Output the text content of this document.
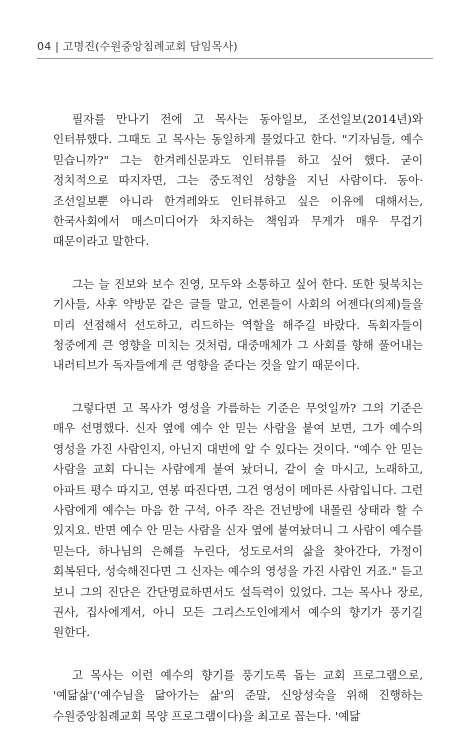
04 | 고명진(수원중앙침례교회 담임목사)

필자를 만나기 전에 고 목사는 동아일보, 조선일보(2014년)와 인터뷰했다. 그때도 고 목사는 동일하게 물었다고 한다. "기자님들, 예수 믿습니까?" 그는 한겨레신문과도 인터뷰를 하고 싶어 했다. 굳이 정치적으로 따지자면, 그는 중도적인 성향을 지닌 사람이다. 동아·조선일보뿐 아니라 한겨레와도 인터뷰하고 싶은 이유에 대해서는, 한국사회에서 매스미디어가 차지하는 책임과 무게가 매우 무겁기 때문이라고 말한다.

그는 늘 진보와 보수 진영, 모두와 소통하고 싶어 한다. 또한 뒷북치는 기사들, 사후 약방문 같은 글들 말고, 언론들이 사회의 어젠다(의제)들을 미리 선점해서 선도하고, 리드하는 역할을 해주길 바랐다. 독회자들이 청중에게 큰 영향을 미치는 것처럼, 대중매체가 그 사회를 향해 풀어내는 내러티브가 독자들에게 큰 영향을 준다는 것을 알기 때문이다.

그렇다면 고 목사가 영성을 가름하는 기준은 무엇일까? 그의 기준은 매우 선명했다. 신자 옆에 예수 안 믿는 사람을 붙여 보면, 그가 예수의 영성을 가진 사람인지, 아닌지 대번에 알 수 있다는 것이다. "예수 안 믿는 사람을 교회 다니는 사람에게 붙여 놨더니, 같이 술 마시고, 노래하고, 아파트 평수 따지고, 연봉 따진다면, 그건 영성이 메마른 사람입니다. 그런 사람에게 예수는 마음 한 구석, 아주 작은 건넌방에 내몰린 상태라 할 수 있지요. 반면 예수 안 믿는 사람을 신자 옆에 붙여놨더니 그 사람이 예수를 믿는다, 하나님의 은혜를 누린다, 성도로서의 삶을 찾아간다, 가정이 회복된다, 성숙해진다면 그 신자는 예수의 영성을 가진 사람인 거죠." 듣고 보니 그의 진단은 간단명료하면서도 설득력이 있었다. 그는 목사나 장로, 권사, 집사에게서, 아니 모든 그리스도인에게서 예수의 향기가 풍기길 원한다.

고 목사는 이런 예수의 향기를 풍기도록 돕는 교회 프로그램으로, '예닮삶'('예수님을 닮아가는 삶'의 준말, 신앙성숙을 위해 진행하는 수원중앙침례교회 목양 프로그램이다)을 최고로 꼽는다. '예닮
